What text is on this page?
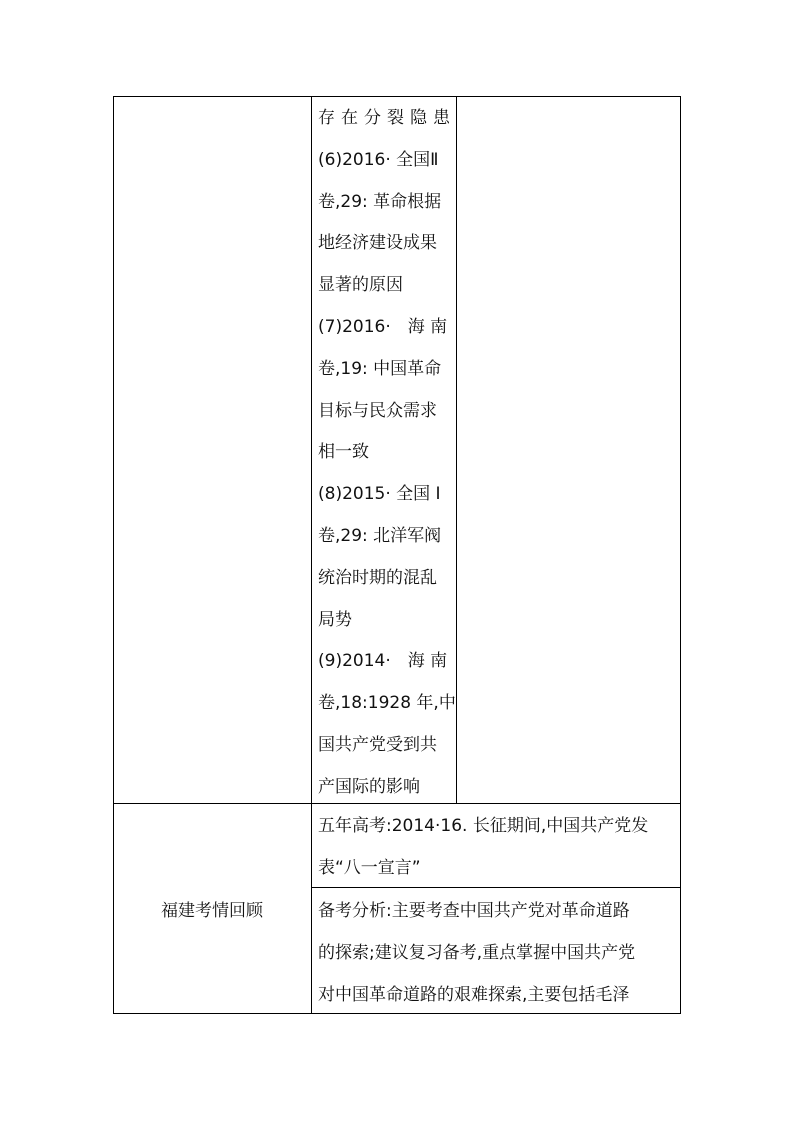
存在分裂隐患
(6)2016· 全国Ⅱ
卷,29: 革命根据
地经济建设成果
显著的原因
(7)2016·　海 南
卷,19: 中国革命
目标与民众需求
相一致
(8)2015· 全国 Ⅰ
卷,29: 北洋军阀
统治时期的混乱
局势
(9)2014·　海 南
卷,18:1928 年,中
国共产党受到共
产国际的影响
福建考情回顾
五年高考:2014·16. 长征期间,中国共产党发
表“八一宣言”
备考分析:主要考查中国共产党对革命道路
的探索;建议复习备考,重点掌握中国共产党
对中国革命道路的艰难探索,主要包括毛泽
